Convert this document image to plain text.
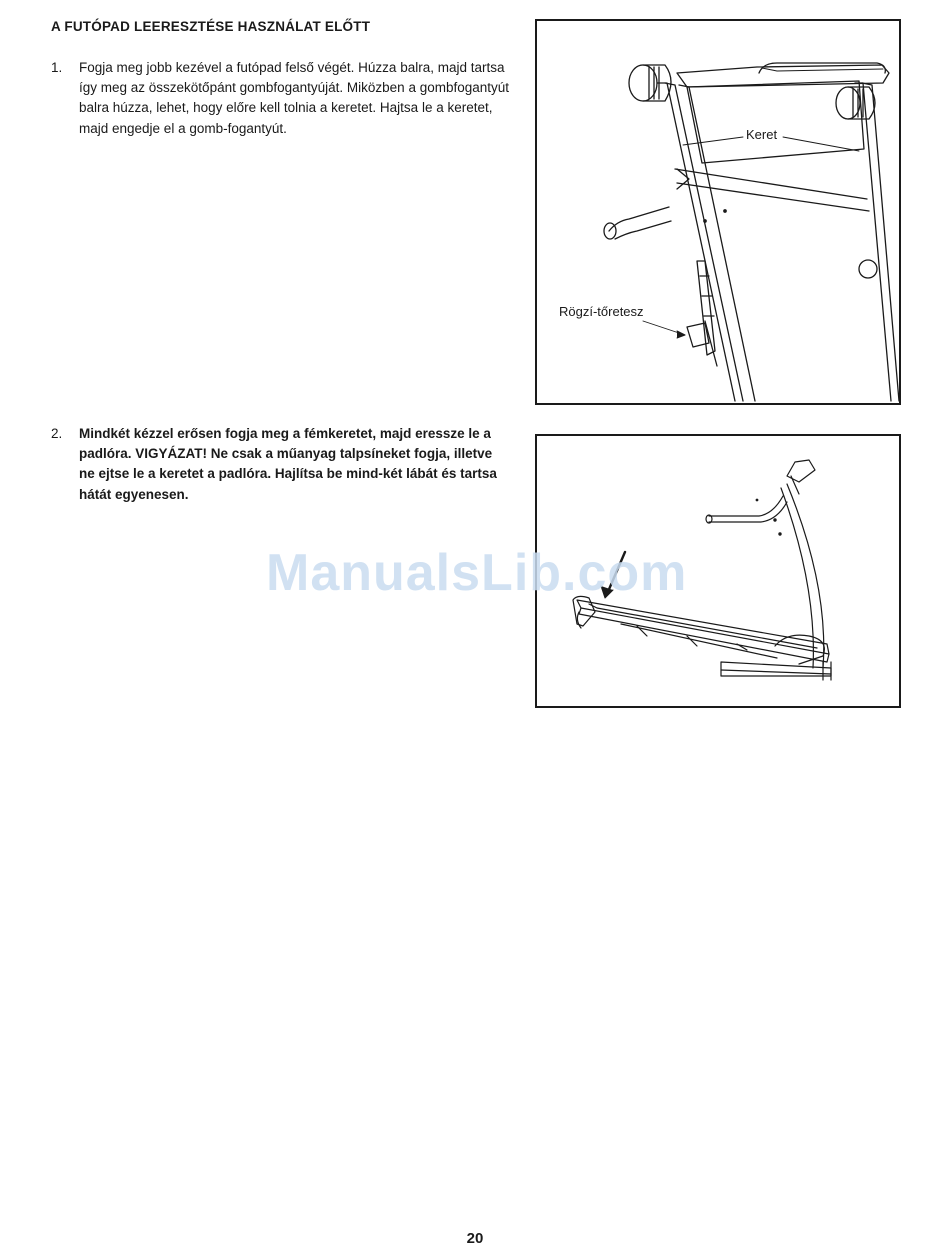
A FUTÓPAD LEERESZTÉSE HASZNÁLAT ELŐTT
1. Fogja meg jobb kezével a futópad felső végét. Húzza balra, majd tartsa így meg az összekötőpánt gombfogantyúját. Miközben a gombfogantyút balra húzza, lehet, hogy előre kell tolnia a keretet. Hajtsa le a keretet, majd engedje el a gomb-fogantyút.
2. Mindkét kézzel erősen fogja meg a fémkeretet, majd eressze le a padlóra. VIGYÁZAT! Ne csak a műanyag talpsíneket fogja, illetve ne ejtse le a keretet a padlóra. Hajlítsa be mind-két lábát és tartsa hátát egyenesen.
Keret
Rögzí-tőretesz
ManualsLib.com
20
